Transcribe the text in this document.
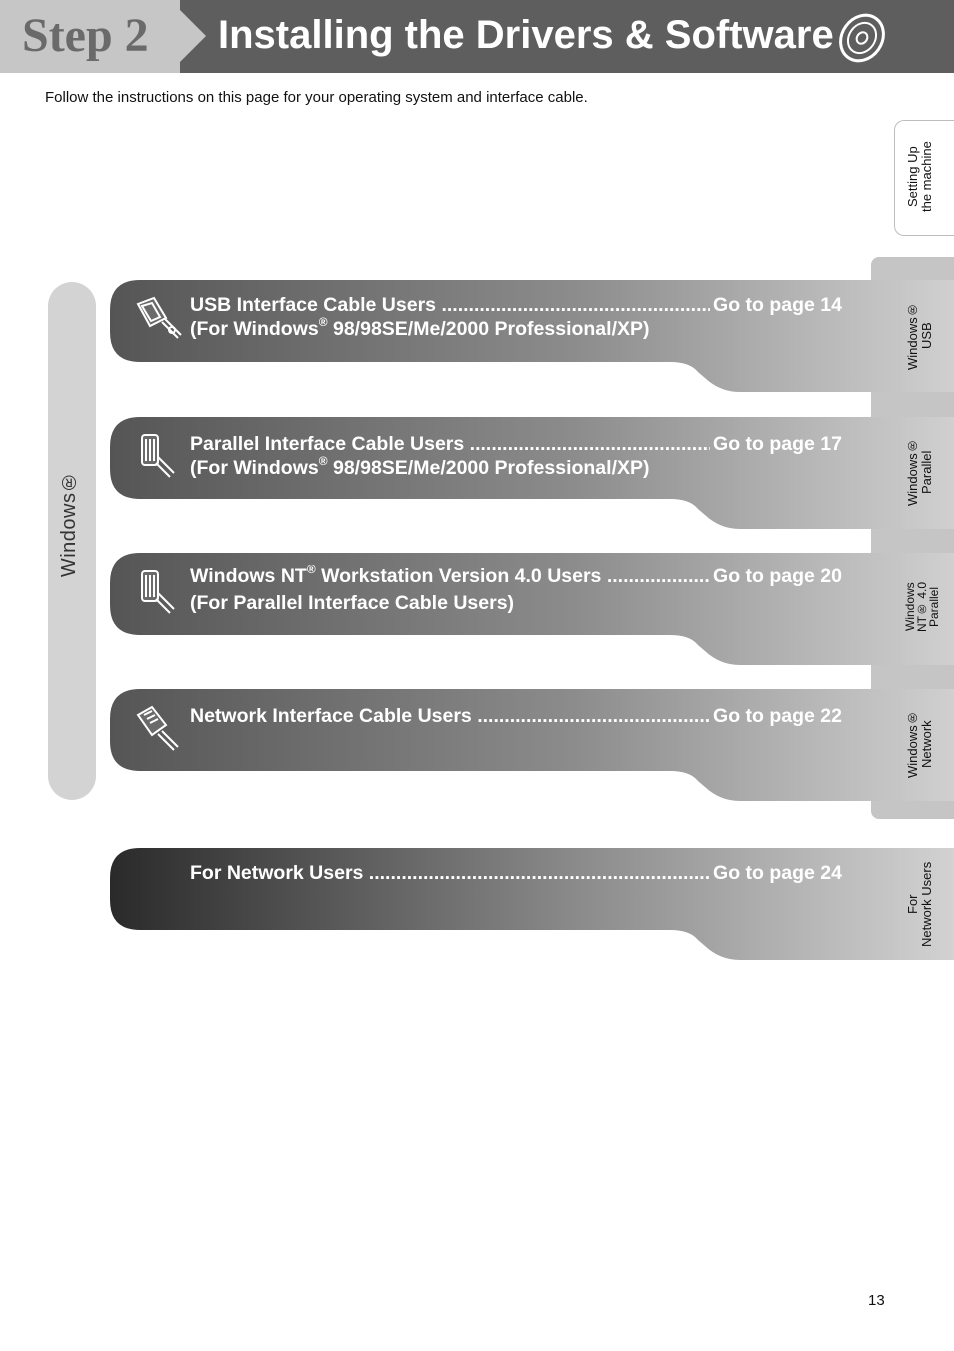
Step 2 Installing the Drivers & Software
Follow the instructions on this page for your operating system and interface cable.
Setting Up the machine
Windows®
USB Interface Cable Users .....	Go to page 14
(For Windows® 98/98SE/Me/2000 Professional/XP)	Windows® USB
Parallel Interface Cable Users .....	Go to page 17
(For Windows® 98/98SE/Me/2000 Professional/XP)	Windows® Parallel
Windows NT® Workstation Version 4.0 Users .....	Go to page 20
(For Parallel Interface Cable Users)	Windows
NT® 4.0
Parallel
Network Interface Cable Users .....	Go to page 22	Windows® Network
For Network Users .....	Go to page 24
For Network Users
13
